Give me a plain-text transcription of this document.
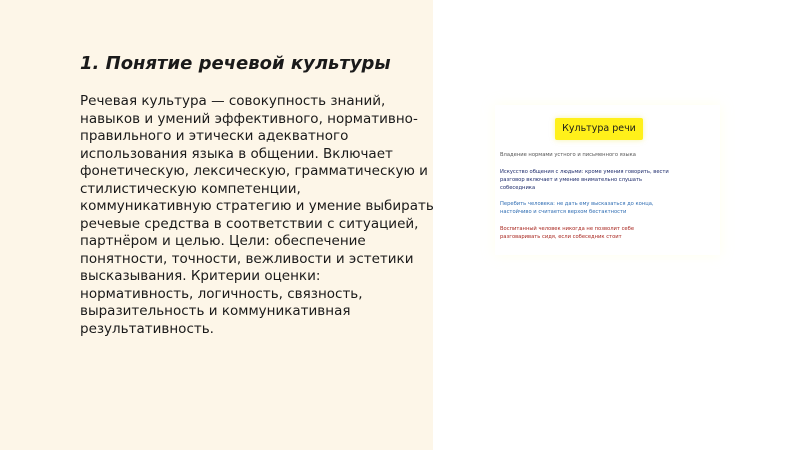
1. Понятие речевой культуры

Речевая культура — совокупность знаний,
навыков и умений эффективного, нормативно-
правильного и этически адекватного
использования языка в общении. Включает
фонетическую, лексическую, грамматическую и
стилистическую компетенции,
коммуникативную стратегию и умение выбирать
речевые средства в соответствии с ситуацией,
партнёром и целью. Цели: обеспечение
понятности, точности, вежливости и эстетики
высказывания. Критерии оценки:
нормативность, логичность, связность,
выразительность и коммуникативная
результативность.

Культура речи
Владение нормами устного и письменного языка
Искусство общения с людьми: кроме умения говорить, вести
разговор включает и умение внимательно слушать
собеседника
Перебить человека: не дать ему высказаться до конца,
настойчиво и считается верхом бестактности
Воспитанный человек никогда не позволит себе
разговаривать сидя, если собеседник стоит
